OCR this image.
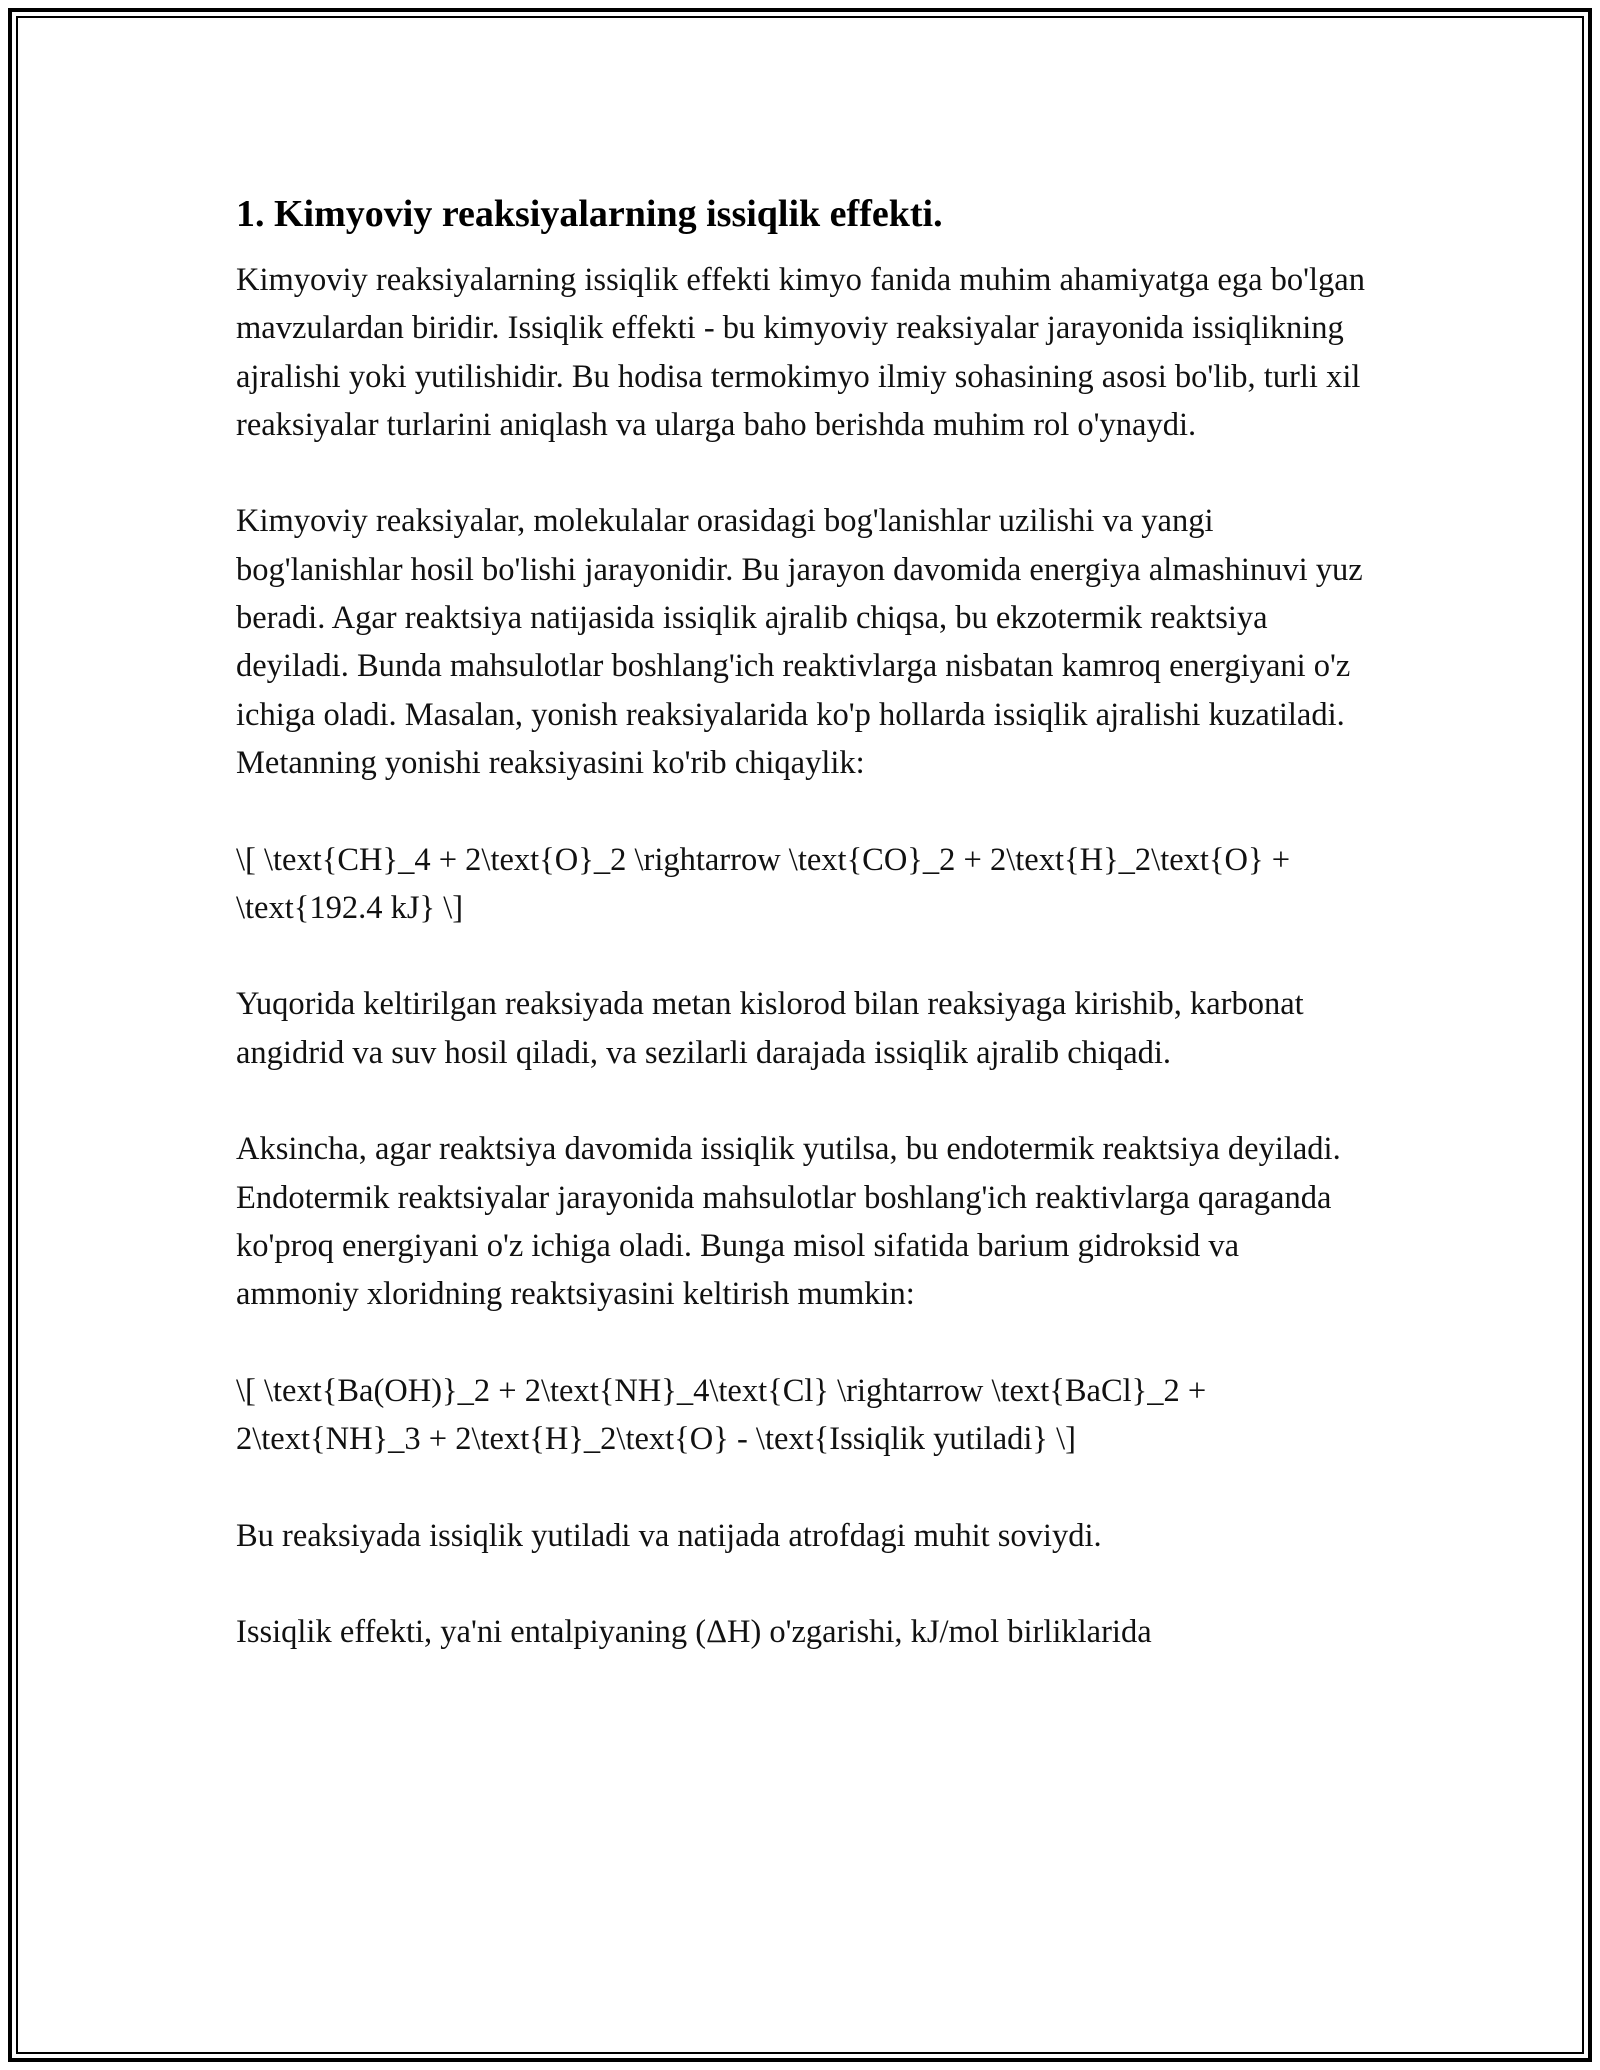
1. Kimyoviy reaksiyalarning issiqlik effekti.

Kimyoviy reaksiyalarning issiqlik effekti kimyo fanida muhim ahamiyatga ega bo'lgan mavzulardan biridir. Issiqlik effekti - bu kimyoviy reaksiyalar jarayonida issiqlikning ajralishi yoki yutilishidir. Bu hodisa termokimyo ilmiy sohasining asosi bo'lib, turli xil reaksiyalar turlarini aniqlash va ularga baho berishda muhim rol o'ynaydi.

Kimyoviy reaksiyalar, molekulalar orasidagi bog'lanishlar uzilishi va yangi bog'lanishlar hosil bo'lishi jarayonidir. Bu jarayon davomida energiya almashinuvi yuz beradi. Agar reaktsiya natijasida issiqlik ajralib chiqsa, bu ekzotermik reaktsiya deyiladi. Bunda mahsulotlar boshlang'ich reaktivlarga nisbatan kamroq energiyani o'z ichiga oladi. Masalan, yonish reaksiyalarida ko'p hollarda issiqlik ajralishi kuzatiladi. Metanning yonishi reaksiyasini ko'rib chiqaylik:

\[ \text{CH}_4 + 2\text{O}_2 \rightarrow \text{CO}_2 + 2\text{H}_2\text{O} + \text{192.4 kJ} \]

Yuqorida keltirilgan reaksiyada metan kislorod bilan reaksiyaga kirishib, karbonat angidrid va suv hosil qiladi, va sezilarli darajada issiqlik ajralib chiqadi.

Aksincha, agar reaktsiya davomida issiqlik yutilsa, bu endotermik reaktsiya deyiladi. Endotermik reaktsiyalar jarayonida mahsulotlar boshlang'ich reaktivlarga qaraganda ko'proq energiyani o'z ichiga oladi. Bunga misol sifatida barium gidroksid va ammoniy xloridning reaktsiyasini keltirish mumkin:

\[ \text{Ba(OH)}_2 + 2\text{NH}_4\text{Cl} \rightarrow \text{BaCl}_2 + 2\text{NH}_3 + 2\text{H}_2\text{O} - \text{Issiqlik yutiladi} \]

Bu reaksiyada issiqlik yutiladi va natijada atrofdagi muhit soviydi.

Issiqlik effekti, ya'ni entalpiyaning (ΔH) o'zgarishi, kJ/mol birliklarida
